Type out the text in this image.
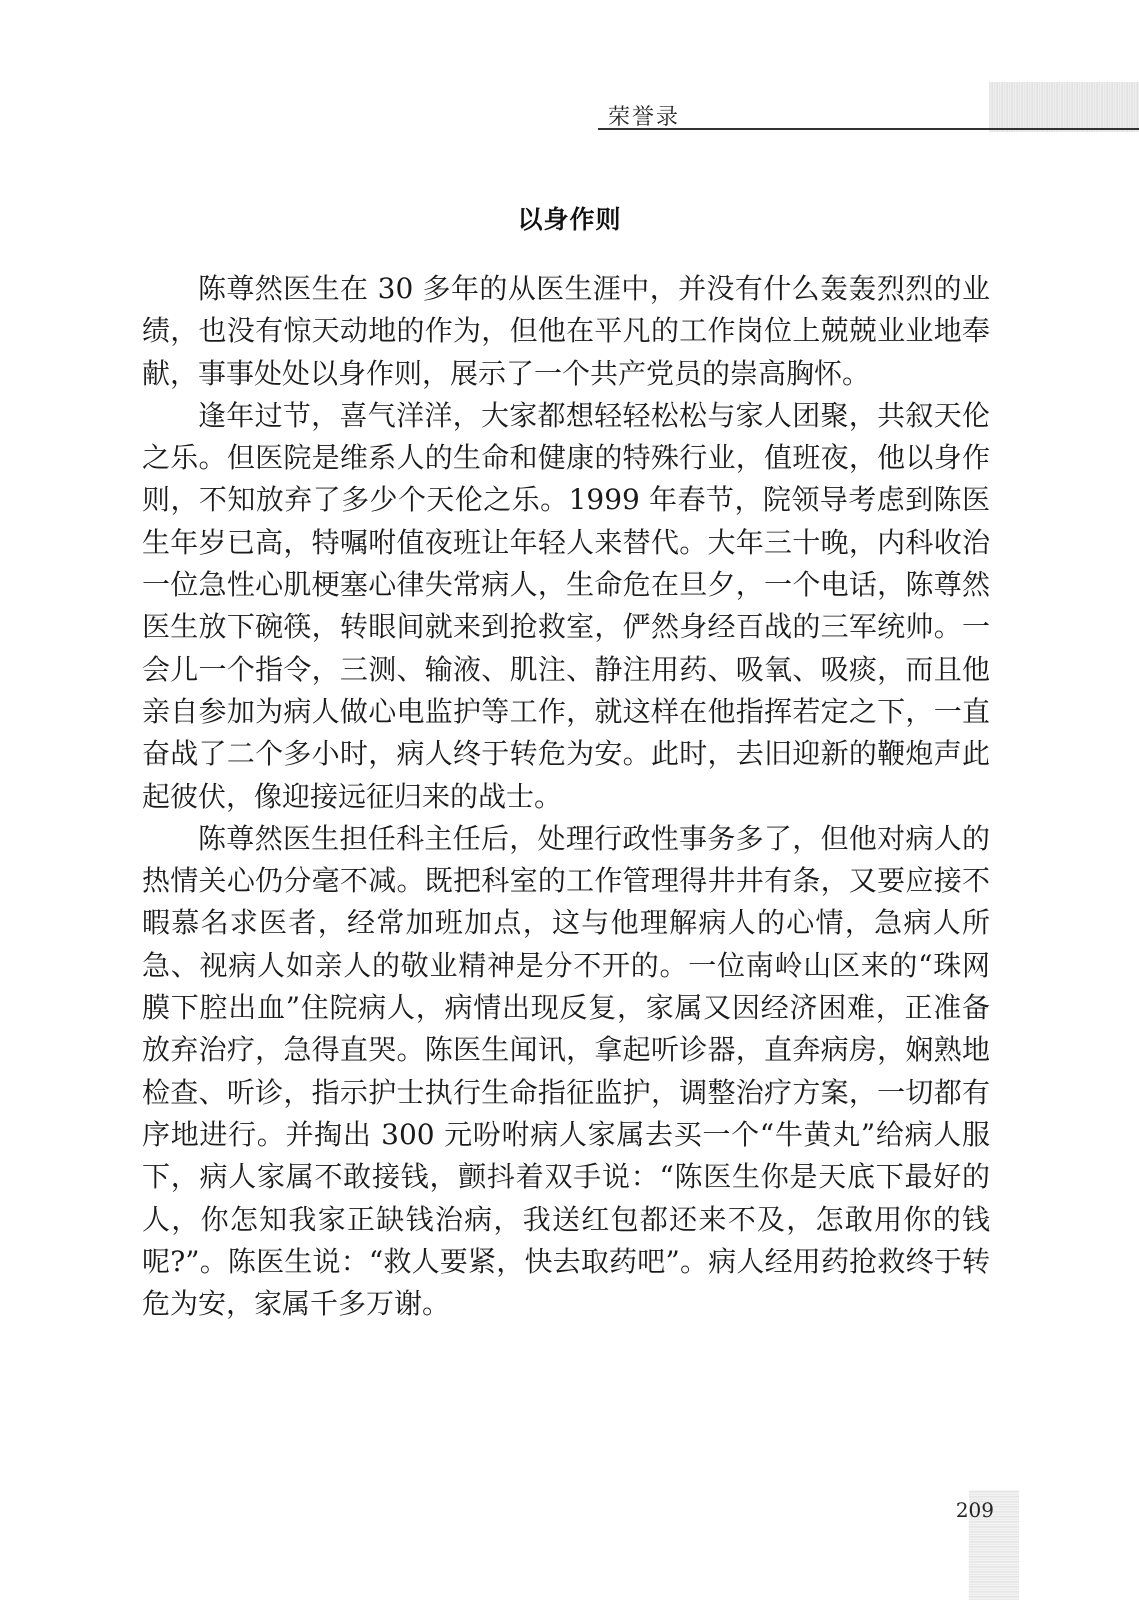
荣誉录
以身作则

陈尊然医生在 30 多年的从医生涯中，并没有什么轰轰烈烈的业绩，也没有惊天动地的作为，但他在平凡的工作岗位上兢兢业业地奉献，事事处处以身作则，展示了一个共产党员的崇高胸怀。

逢年过节，喜气洋洋，大家都想轻轻松松与家人团聚，共叙天伦之乐。但医院是维系人的生命和健康的特殊行业，值班夜，他以身作则，不知放弃了多少个天伦之乐。1999 年春节，院领导考虑到陈医生年岁已高，特嘱咐值夜班让年轻人来替代。大年三十晚，内科收治一位急性心肌梗塞心律失常病人，生命危在旦夕，一个电话，陈尊然医生放下碗筷，转眼间就来到抢救室，俨然身经百战的三军统帅。一会儿一个指令，三测、输液、肌注、静注用药、吸氧、吸痰，而且他亲自参加为病人做心电监护等工作，就这样在他指挥若定之下，一直奋战了二个多小时，病人终于转危为安。此时，去旧迎新的鞭炮声此起彼伏，像迎接远征归来的战士。

陈尊然医生担任科主任后，处理行政性事务多了，但他对病人的热情关心仍分毫不减。既把科室的工作管理得井井有条，又要应接不暇慕名求医者，经常加班加点，这与他理解病人的心情，急病人所急、视病人如亲人的敬业精神是分不开的。一位南岭山区来的“珠网膜下腔出血”住院病人，病情出现反复，家属又因经济困难，正准备放弃治疗，急得直哭。陈医生闻讯，拿起听诊器，直奔病房，娴熟地检查、听诊，指示护士执行生命指征监护，调整治疗方案，一切都有序地进行。并掏出 300 元吩咐病人家属去买一个“牛黄丸”给病人服下，病人家属不敢接钱，颤抖着双手说：“陈医生你是天底下最好的人，你怎知我家正缺钱治病，我送红包都还来不及，怎敢用你的钱呢?”。陈医生说：“救人要紧，快去取药吧”。病人经用药抢救终于转危为安，家属千多万谢。

209
